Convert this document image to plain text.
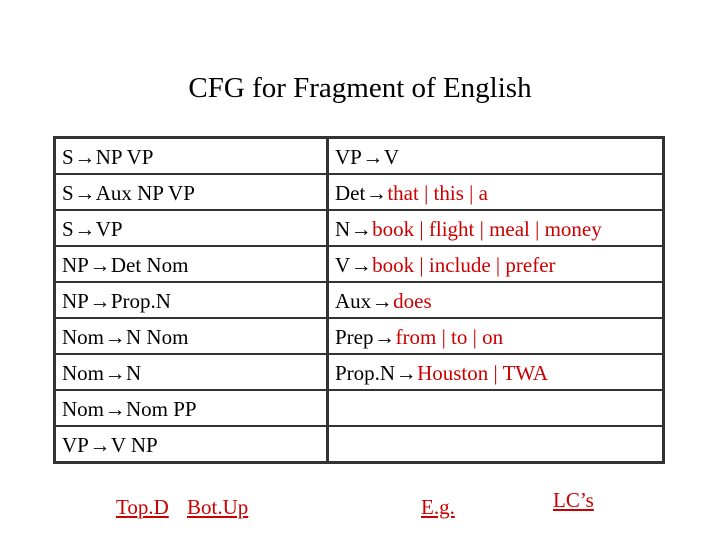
CFG for Fragment of English
S→NP VP
S→Aux NP VP
S→VP
NP→Det Nom
NP→Prop.N
Nom→N Nom
Nom→N
Nom→Nom PP
VP→V NP
VP→V
Det→that | this | a
N→book | flight | meal | money
V→book | include | prefer
Aux→does
Prep→from | to | on
Prop.N→Houston | TWA
Top.D Bot.Up	E.g.	LC’s
